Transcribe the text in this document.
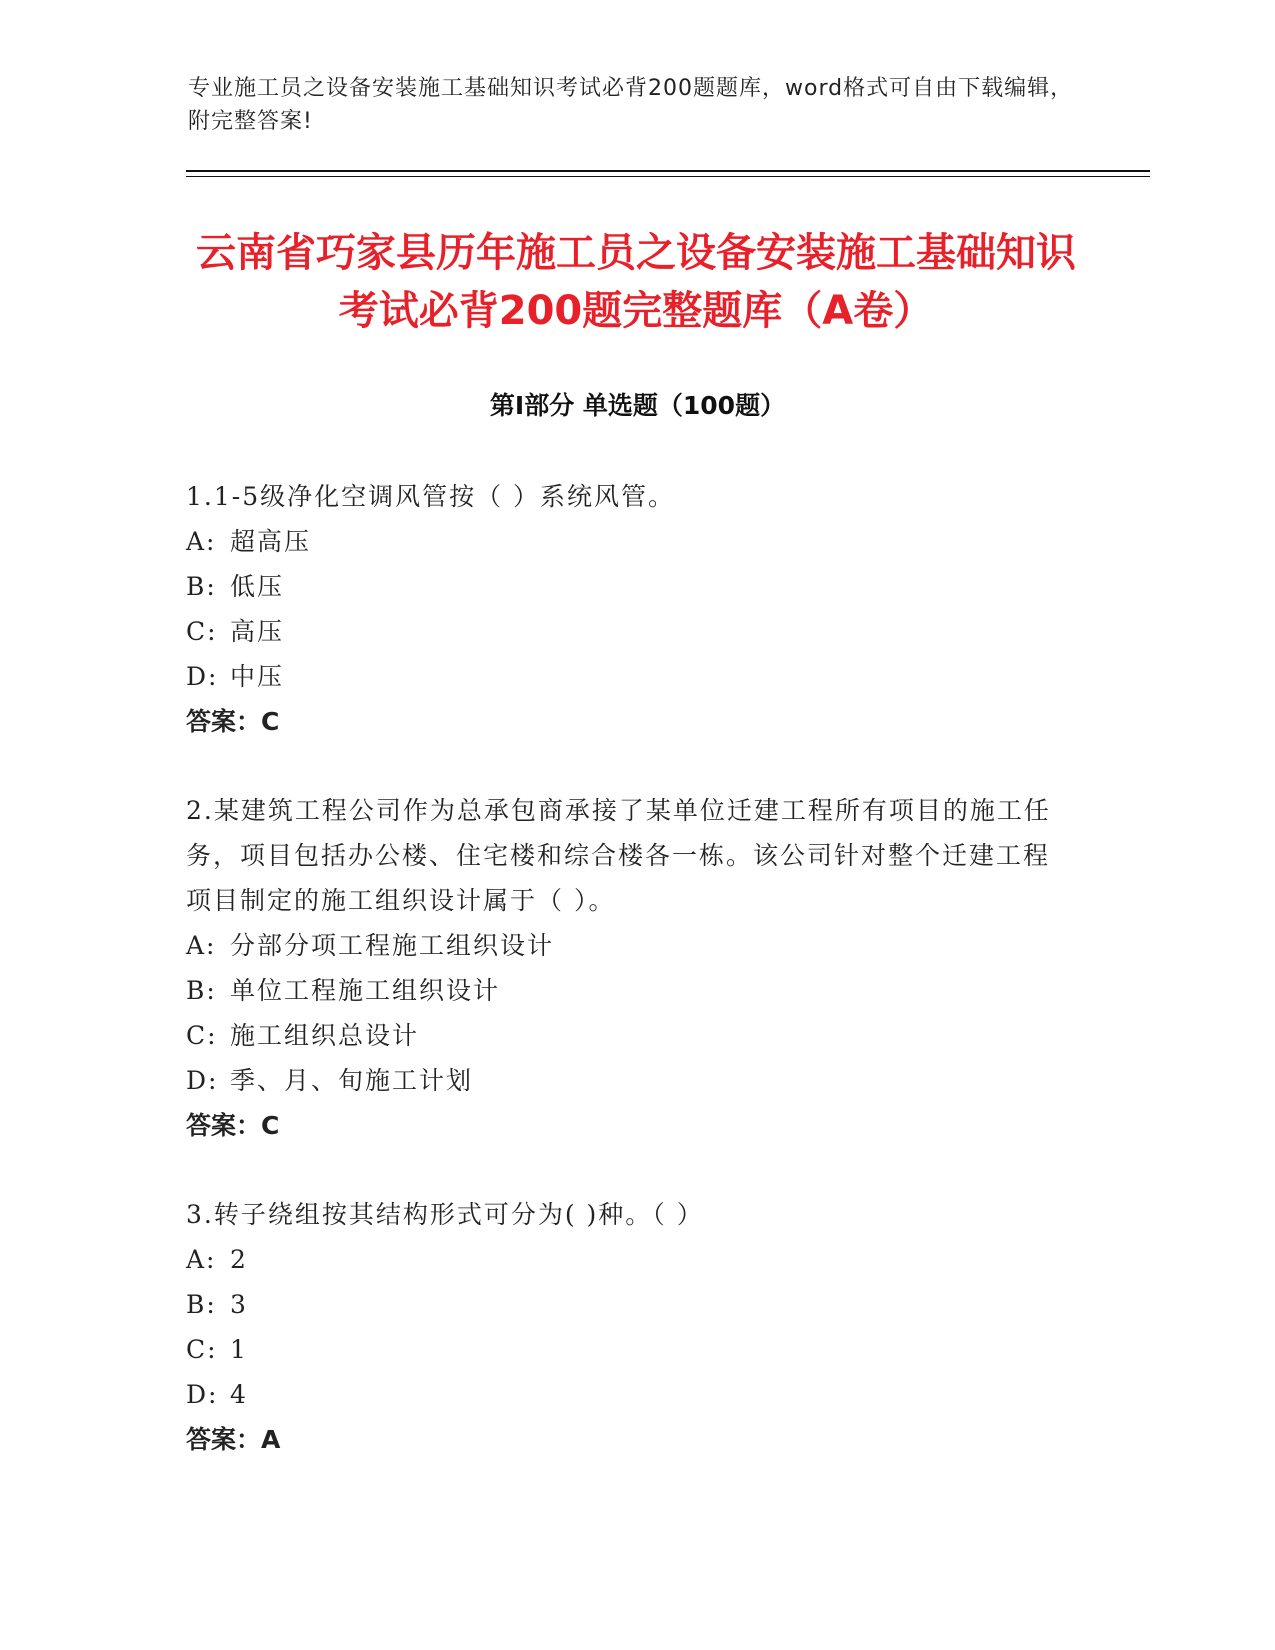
专业施工员之设备安装施工基础知识考试必背200题题库，word格式可自由下载编辑，附完整答案!
云南省巧家县历年施工员之设备安装施工基础知识考试必背200题完整题库（A卷）
第Ⅰ部分 单选题（100题）
1.1-5级净化空调风管按（ ）系统风管。
A: 超高压
B: 低压
C: 高压
D: 中压
答案：C
2.某建筑工程公司作为总承包商承接了某单位迁建工程所有项目的施工任务，项目包括办公楼、住宅楼和综合楼各一栋。该公司针对整个迁建工程项目制定的施工组织设计属于（ ）。
A: 分部分项工程施工组织设计
B: 单位工程施工组织设计
C: 施工组织总设计
D: 季、月、旬施工计划
答案：C
3.转子绕组按其结构形式可分为( )种。（ ）
A: 2
B: 3
C: 1
D: 4
答案：A
